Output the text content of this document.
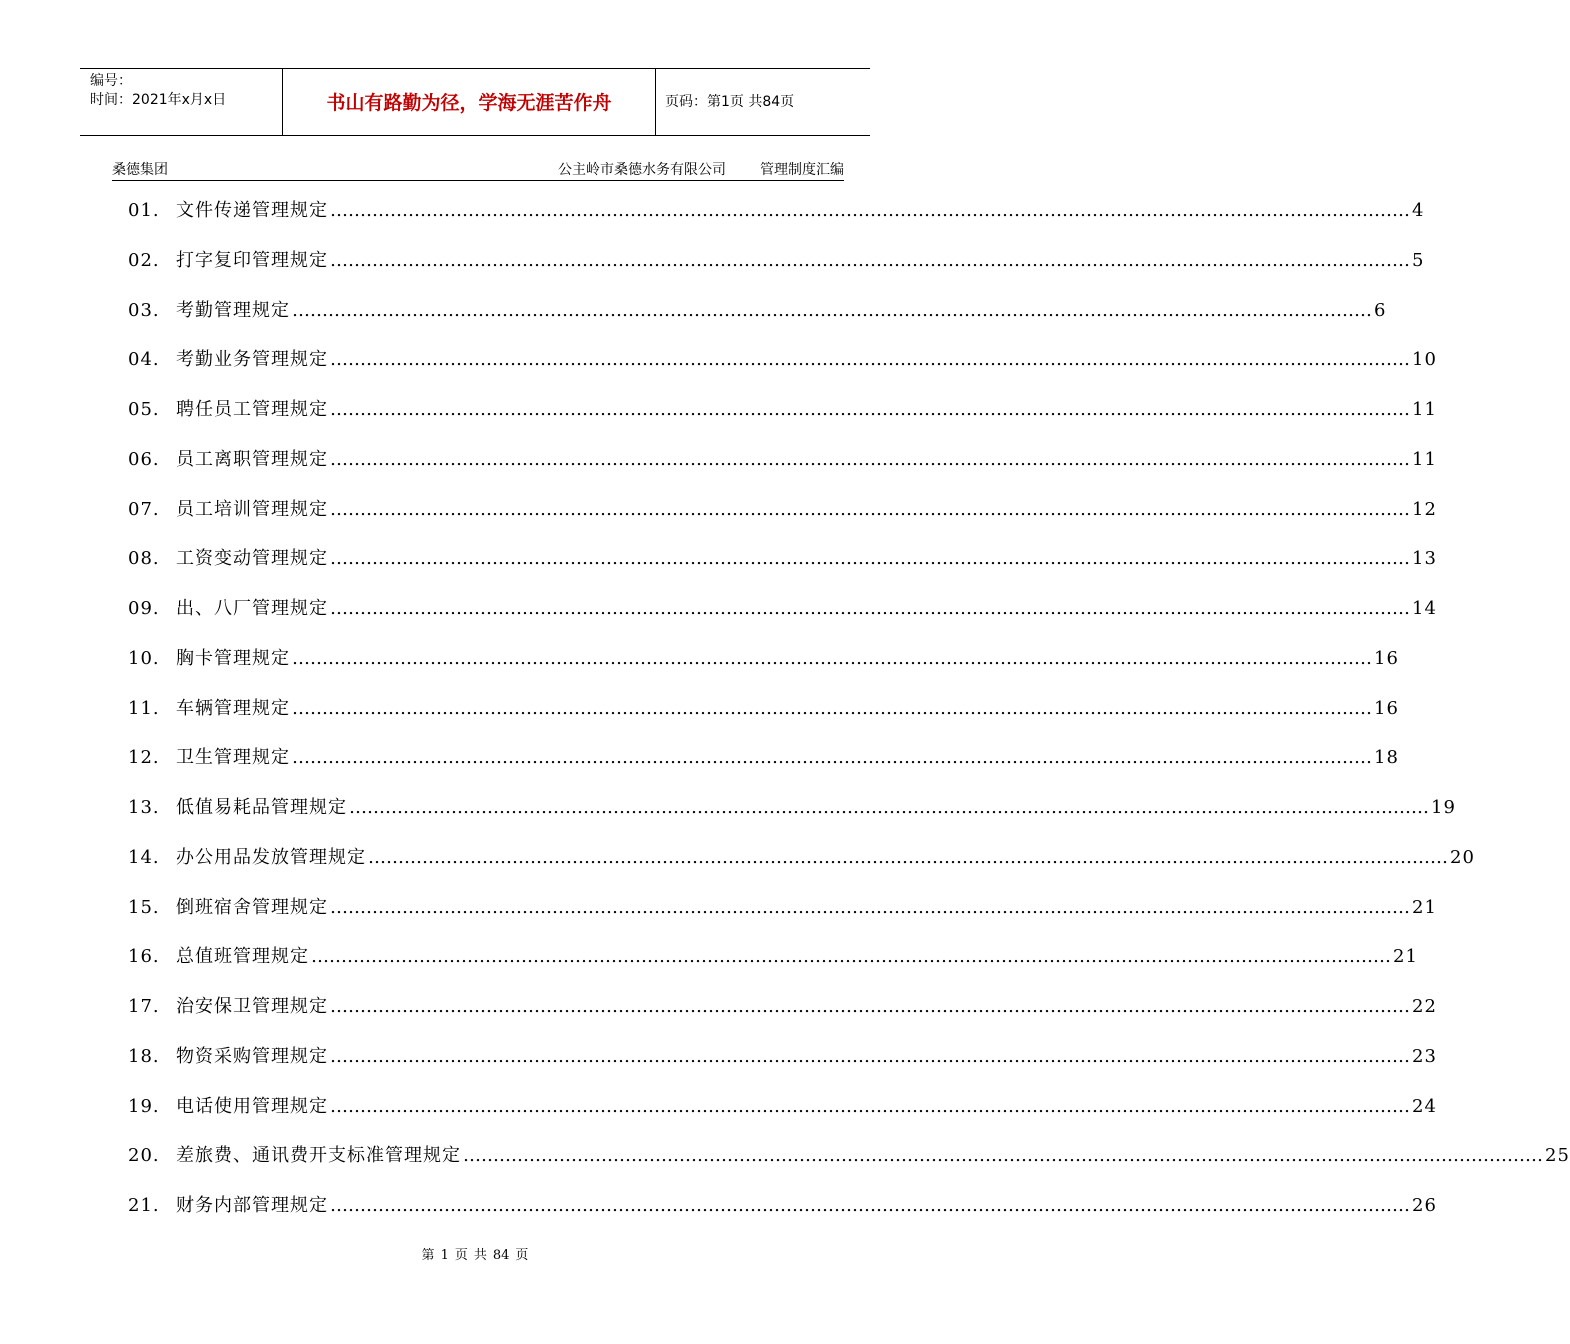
编号：
时间：2021年x月x日	书山有路勤为径，学海无涯苦作舟	页码：第1页 共84页
桑德集团	公主岭市桑德水务有限公司 管理制度汇编
01. 文件传递管理规定 ……………………………………………………………………………………………………………………………………………………………… 4
02. 打字复印管理规定 ……………………………………………………………………………………………………………………………………………………………… 5
03. 考勤管理规定 ……………………………………………………………………………………………………………………………………………………………… 6
04. 考勤业务管理规定 ……………………………………………………………………………………………………………………………………………………………… 10
05. 聘任员工管理规定 ……………………………………………………………………………………………………………………………………………………………… 11
06. 员工离职管理规定 ……………………………………………………………………………………………………………………………………………………………… 11
07. 员工培训管理规定 ……………………………………………………………………………………………………………………………………………………………… 12
08. 工资变动管理规定 ……………………………………………………………………………………………………………………………………………………………… 13
09. 出、八厂管理规定 ……………………………………………………………………………………………………………………………………………………………… 14
10. 胸卡管理规定 ……………………………………………………………………………………………………………………………………………………………… 16
11. 车辆管理规定 ……………………………………………………………………………………………………………………………………………………………… 16
12. 卫生管理规定 ……………………………………………………………………………………………………………………………………………………………… 18
13. 低值易耗品管理规定 ……………………………………………………………………………………………………………………………………………………………… 19
14. 办公用品发放管理规定 ……………………………………………………………………………………………………………………………………………………………… 20
15. 倒班宿舍管理规定 ……………………………………………………………………………………………………………………………………………………………… 21
16. 总值班管理规定 ……………………………………………………………………………………………………………………………………………………………… 21
17. 治安保卫管理规定 ……………………………………………………………………………………………………………………………………………………………… 22
18. 物资采购管理规定 ……………………………………………………………………………………………………………………………………………………………… 23
19. 电话使用管理规定 ……………………………………………………………………………………………………………………………………………………………… 24
20. 差旅费、通讯费开支标准管理规定 ……………………………………………………………………………………………………………………………………………………………… 25
21. 财务内部管理规定 ……………………………………………………………………………………………………………………………………………………………… 26
第 1 页 共 84 页
